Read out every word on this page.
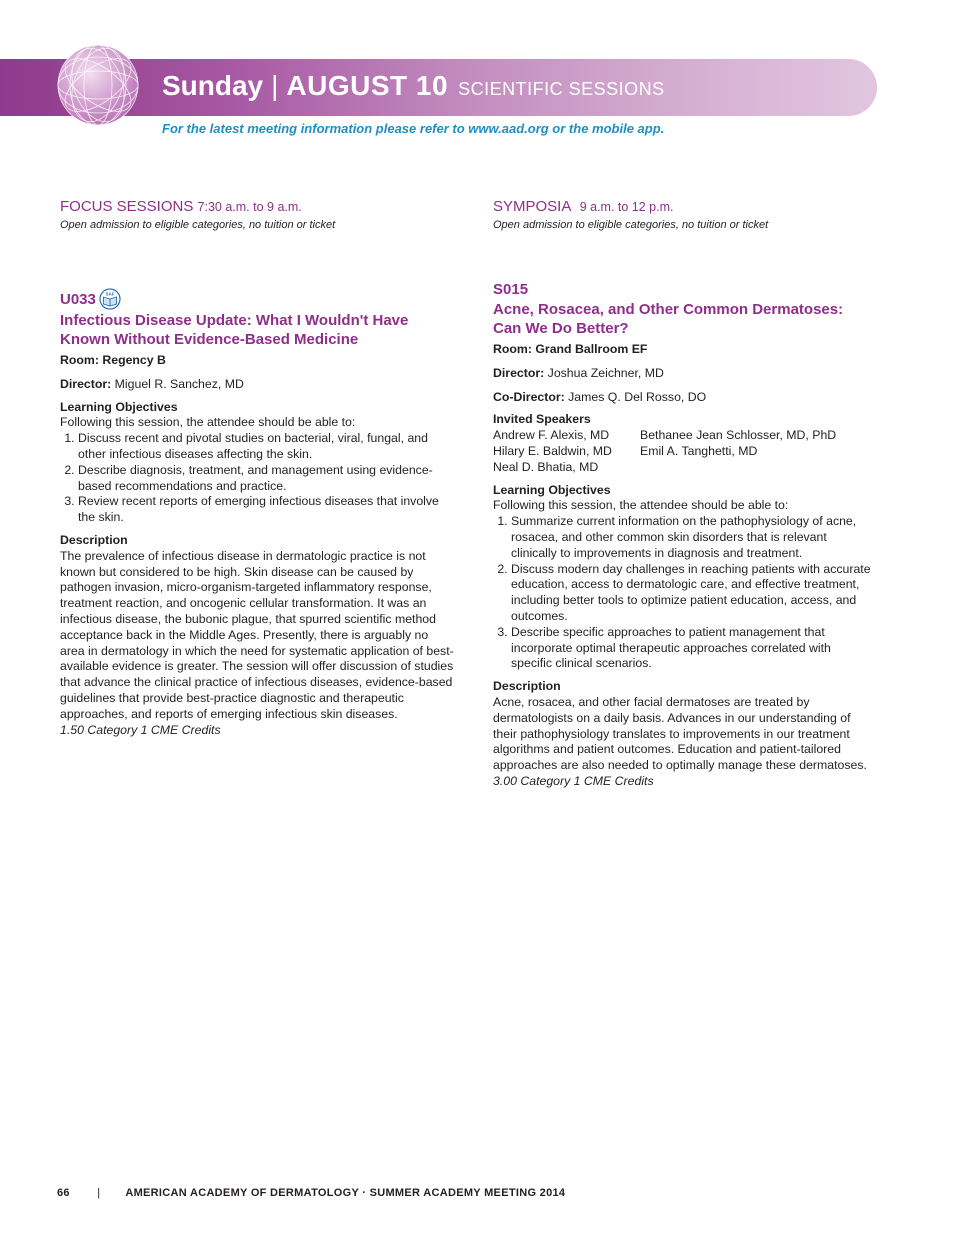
Sunday | AUGUST 10 SCIENTIFIC SESSIONS
For the latest meeting information please refer to www.aad.org or the mobile app.
FOCUS SESSIONS 7:30 a.m. to 9 a.m.
Open admission to eligible categories, no tuition or ticket
U033 SAF
Infectious Disease Update: What I Wouldn't Have Known Without Evidence-Based Medicine
Room: Regency B
Director: Miguel R. Sanchez, MD
Learning Objectives
Following this session, the attendee should be able to:
1. Discuss recent and pivotal studies on bacterial, viral, fungal, and other infectious diseases affecting the skin.
2. Describe diagnosis, treatment, and management using evidence-based recommendations and practice.
3. Review recent reports of emerging infectious diseases that involve the skin.
Description
The prevalence of infectious disease in dermatologic practice is not known but considered to be high. Skin disease can be caused by pathogen invasion, micro-organism-targeted inflammatory response, treatment reaction, and oncogenic cellular transformation. It was an infectious disease, the bubonic plague, that spurred scientific method acceptance back in the Middle Ages. Presently, there is arguably no area in dermatology in which the need for systematic application of best-available evidence is greater. The session will offer discussion of studies that advance the clinical practice of infectious diseases, evidence-based guidelines that provide best-practice diagnostic and therapeutic approaches, and reports of emerging infectious skin diseases.
1.50 Category 1 CME Credits
SYMPOSIA 9 a.m. to 12 p.m.
Open admission to eligible categories, no tuition or ticket
S015
Acne, Rosacea, and Other Common Dermatoses: Can We Do Better?
Room: Grand Ballroom EF
Director: Joshua Zeichner, MD
Co-Director: James Q. Del Rosso, DO
Invited Speakers
Andrew F. Alexis, MD	Bethanee Jean Schlosser, MD, PhD
Hilary E. Baldwin, MD	Emil A. Tanghetti, MD
Neal D. Bhatia, MD
Learning Objectives
Following this session, the attendee should be able to:
1. Summarize current information on the pathophysiology of acne, rosacea, and other common skin disorders that is relevant clinically to improvements in diagnosis and treatment.
2. Discuss modern day challenges in reaching patients with accurate education, access to dermatologic care, and effective treatment, including better tools to optimize patient education, access, and outcomes.
3. Describe specific approaches to patient management that incorporate optimal therapeutic approaches correlated with specific clinical scenarios.
Description
Acne, rosacea, and other facial dermatoses are treated by dermatologists on a daily basis. Advances in our understanding of their pathophysiology translates to improvements in our treatment algorithms and patient outcomes. Education and patient-tailored approaches are also needed to optimally manage these dermatoses.
3.00 Category 1 CME Credits
66 | AMERICAN ACADEMY OF DERMATOLOGY · SUMMER ACADEMY MEETING 2014
